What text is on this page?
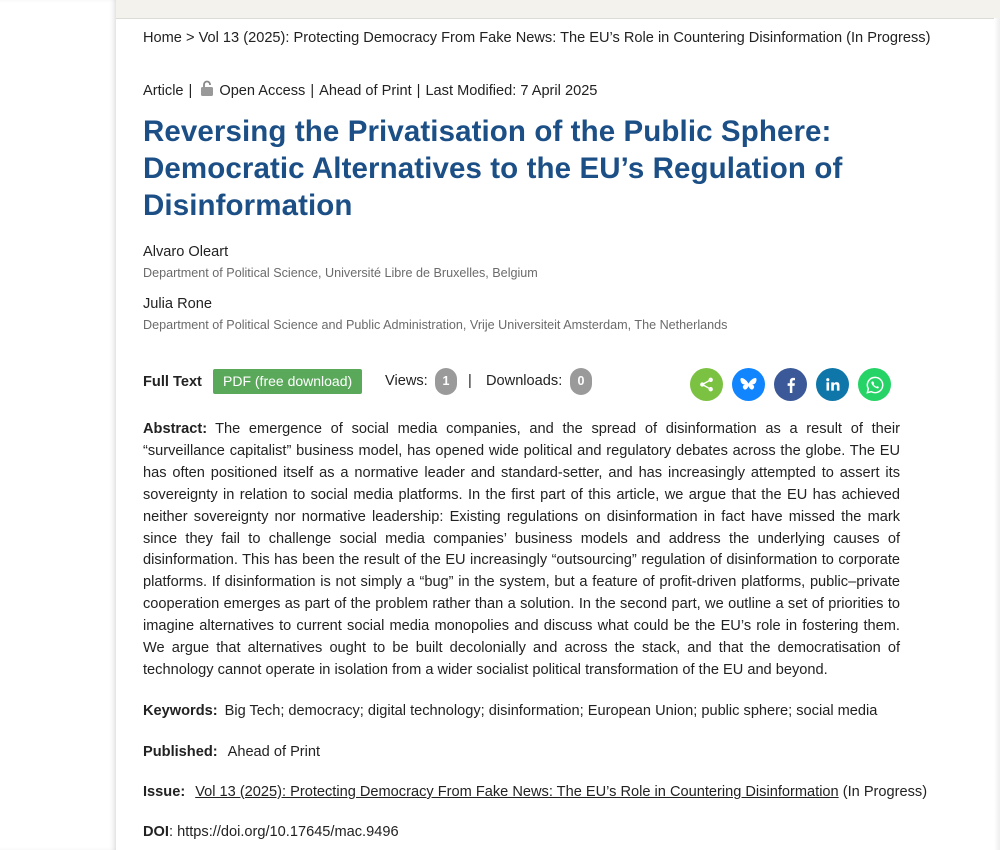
Home > Vol 13 (2025): Protecting Democracy From Fake News: The EU’s Role in Countering Disinformation (In Progress)
Article | Open Access | Ahead of Print | Last Modified: 7 April 2025
Reversing the Privatisation of the Public Sphere: Democratic Alternatives to the EU’s Regulation of Disinformation
Alvaro Oleart
Department of Political Science, Université Libre de Bruxelles, Belgium
Julia Rone
Department of Political Science and Public Administration, Vrije Universiteit Amsterdam, The Netherlands
Full Text	PDF (free download)	Views:	1	| Downloads:	0

Abstract: The emergence of social media companies, and the spread of disinformation as a result of their “surveillance capitalist” business model, has opened wide political and regulatory debates across the globe. The EU has often positioned itself as a normative leader and standard-setter, and has increasingly attempted to assert its sovereignty in relation to social media platforms. In the first part of this article, we argue that the EU has achieved neither sovereignty nor normative leadership: Existing regulations on disinformation in fact have missed the mark since they fail to challenge social media companies’ business models and address the underlying causes of disinformation. This has been the result of the EU increasingly “outsourcing” regulation of disinformation to corporate platforms. If disinformation is not simply a “bug” in the system, but a feature of profit-driven platforms, public–private cooperation emerges as part of the problem rather than a solution. In the second part, we outline a set of priorities to imagine alternatives to current social media monopolies and discuss what could be the EU’s role in fostering them. We argue that alternatives ought to be built decolonially and across the stack, and that the democratisation of technology cannot operate in isolation from a wider socialist political transformation of the EU and beyond.

Keywords: Big Tech; democracy; digital technology; disinformation; European Union; public sphere; social media
Published: Ahead of Print
Issue: Vol 13 (2025): Protecting Democracy From Fake News: The EU’s Role in Countering Disinformation (In Progress)
DOI: https://doi.org/10.17645/mac.9496
